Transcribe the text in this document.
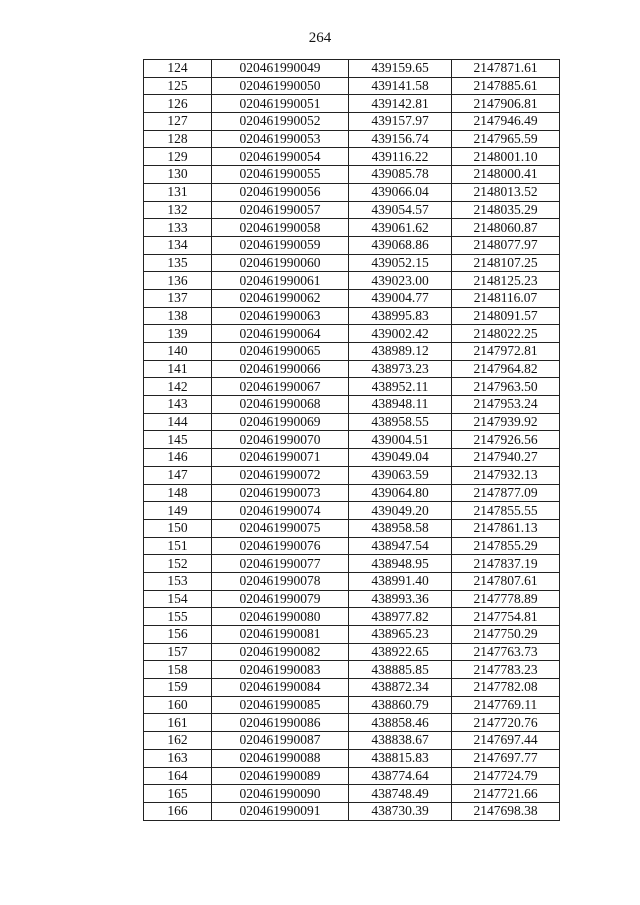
264
124	020461990049	439159.65	2147871.61
125	020461990050	439141.58	2147885.61
126	020461990051	439142.81	2147906.81
127	020461990052	439157.97	2147946.49
128	020461990053	439156.74	2147965.59
129	020461990054	439116.22	2148001.10
130	020461990055	439085.78	2148000.41
131	020461990056	439066.04	2148013.52
132	020461990057	439054.57	2148035.29
133	020461990058	439061.62	2148060.87
134	020461990059	439068.86	2148077.97
135	020461990060	439052.15	2148107.25
136	020461990061	439023.00	2148125.23
137	020461990062	439004.77	2148116.07
138	020461990063	438995.83	2148091.57
139	020461990064	439002.42	2148022.25
140	020461990065	438989.12	2147972.81
141	020461990066	438973.23	2147964.82
142	020461990067	438952.11	2147963.50
143	020461990068	438948.11	2147953.24
144	020461990069	438958.55	2147939.92
145	020461990070	439004.51	2147926.56
146	020461990071	439049.04	2147940.27
147	020461990072	439063.59	2147932.13
148	020461990073	439064.80	2147877.09
149	020461990074	439049.20	2147855.55
150	020461990075	438958.58	2147861.13
151	020461990076	438947.54	2147855.29
152	020461990077	438948.95	2147837.19
153	020461990078	438991.40	2147807.61
154	020461990079	438993.36	2147778.89
155	020461990080	438977.82	2147754.81
156	020461990081	438965.23	2147750.29
157	020461990082	438922.65	2147763.73
158	020461990083	438885.85	2147783.23
159	020461990084	438872.34	2147782.08
160	020461990085	438860.79	2147769.11
161	020461990086	438858.46	2147720.76
162	020461990087	438838.67	2147697.44
163	020461990088	438815.83	2147697.77
164	020461990089	438774.64	2147724.79
165	020461990090	438748.49	2147721.66
166	020461990091	438730.39	2147698.38
